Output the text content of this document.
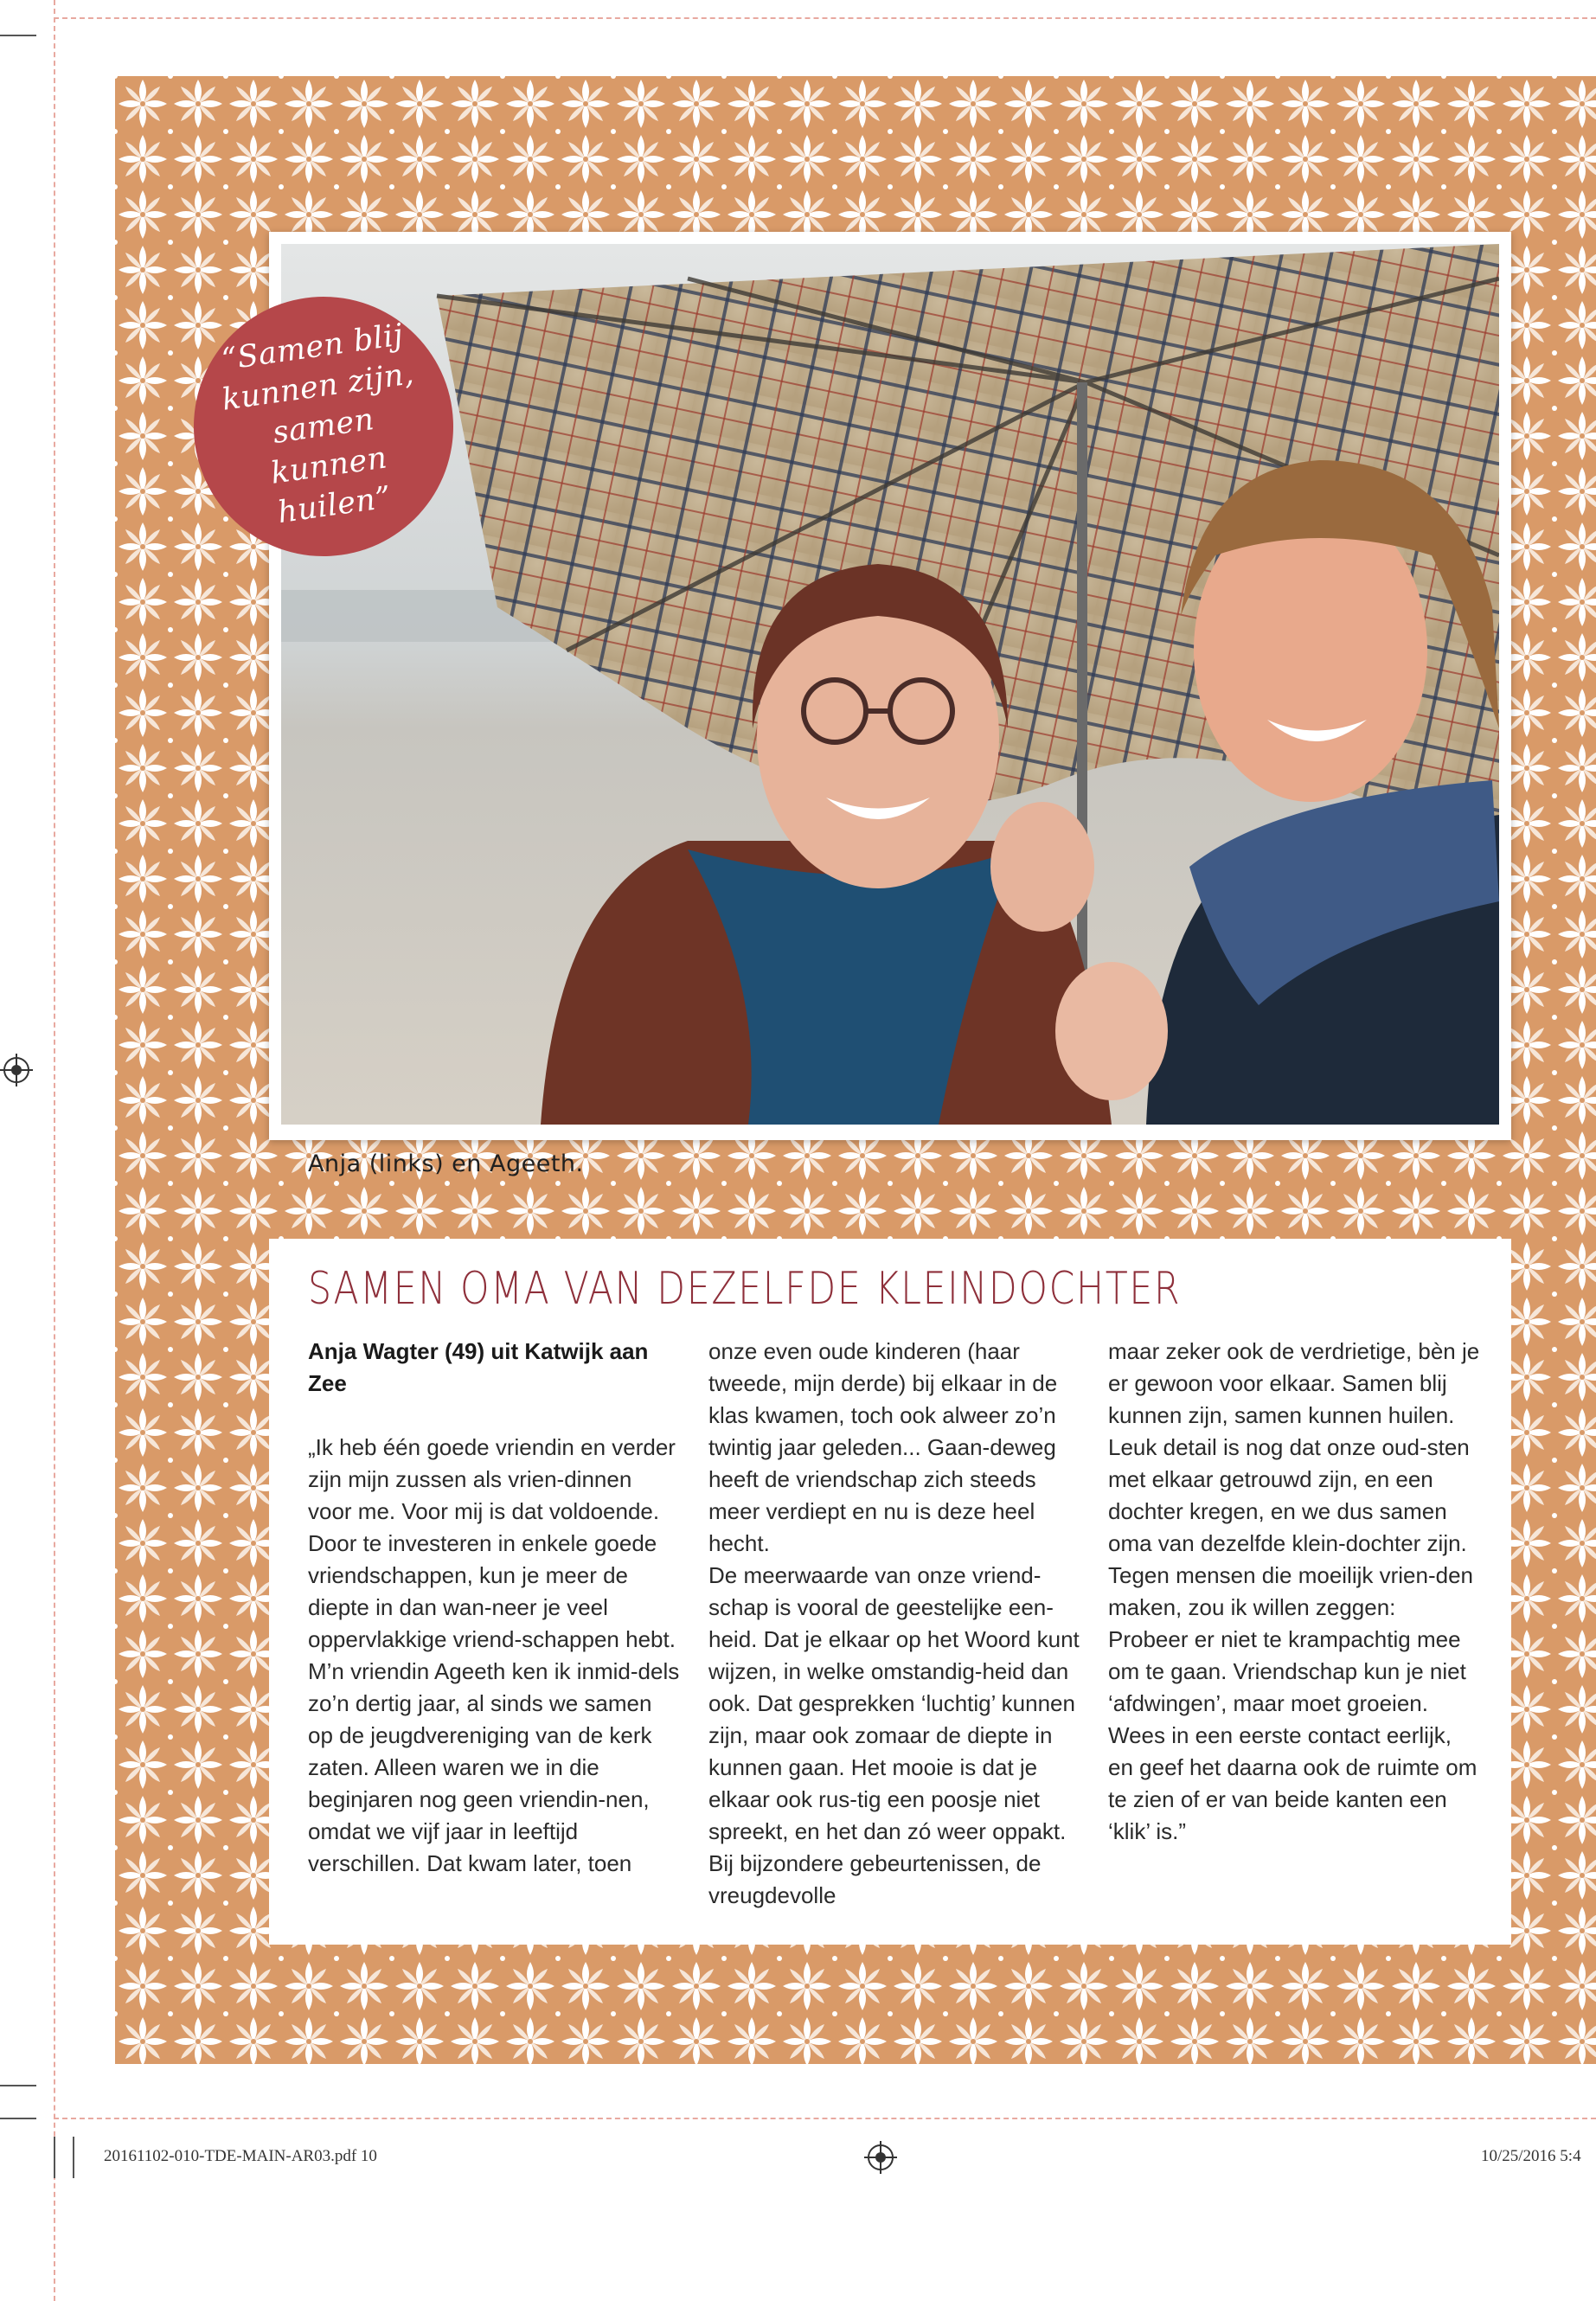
“Samen blij kunnen zijn, samen kunnen huilen”
Anja (links) en Ageeth.
SAMEN OMA VAN DEZELFDE KLEINDOCHTER

Anja Wagter (49) uit Katwijk aan Zee

„Ik heb één goede vriendin en verder zijn mijn zussen als vrien-dinnen voor me. Voor mij is dat voldoende. Door te investeren in enkele goede vriendschappen, kun je meer de diepte in dan wan-neer je veel oppervlakkige vriend-schappen hebt.

M’n vriendin Ageeth ken ik inmid-dels zo’n dertig jaar, al sinds we samen op de jeugdvereniging van de kerk zaten. Alleen waren we in die beginjaren nog geen vriendin-nen, omdat we vijf jaar in leeftijd verschillen. Dat kwam later, toen

onze even oude kinderen (haar tweede, mijn derde) bij elkaar in de klas kwamen, toch ook alweer zo’n twintig jaar geleden... Gaan-deweg heeft de vriendschap zich steeds meer verdiept en nu is deze heel hecht.

De meerwaarde van onze vriend-schap is vooral de geestelijke een-heid. Dat je elkaar op het Woord kunt wijzen, in welke omstandig-heid dan ook. Dat gesprekken ‘luchtig’ kunnen zijn, maar ook zomaar de diepte in kunnen gaan. Het mooie is dat je elkaar ook rus-tig een poosje niet spreekt, en het dan zó weer oppakt. Bij bijzondere gebeurtenissen, de vreugdevolle

maar zeker ook de verdrietige, bèn je er gewoon voor elkaar. Samen blij kunnen zijn, samen kunnen huilen.

Leuk detail is nog dat onze oud-sten met elkaar getrouwd zijn, en een dochter kregen, en we dus samen oma van dezelfde klein-dochter zijn.

Tegen mensen die moeilijk vrien-den maken, zou ik willen zeggen: Probeer er niet te krampachtig mee om te gaan. Vriendschap kun je niet ‘afdwingen’, maar moet groeien. Wees in een eerste contact eerlijk, en geef het daarna ook de ruimte om te zien of er van beide kanten een ‘klik’ is.”

20161102-010-TDE-MAIN-AR03.pdf 10	10/25/2016 5:4
